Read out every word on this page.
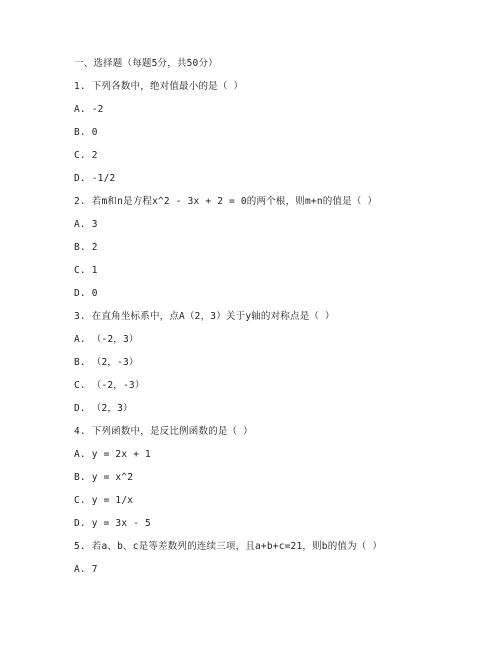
一、选择题（每题5分，共50分）
1. 下列各数中，绝对值最小的是（ ）
A. -2
B. 0
C. 2
D. -1/2
2. 若m和n是方程x^2 - 3x + 2 = 0的两个根，则m+n的值是（ ）
A. 3
B. 2
C. 1
D. 0
3. 在直角坐标系中，点A（2，3）关于y轴的对称点是（ ）
A. （-2，3）
B. （2，-3）
C. （-2，-3）
D. （2，3）
4. 下列函数中，是反比例函数的是（ ）
A. y = 2x + 1
B. y = x^2
C. y = 1/x
D. y = 3x - 5
5. 若a、b、c是等差数列的连续三项，且a+b+c=21，则b的值为（ ）
A. 7
